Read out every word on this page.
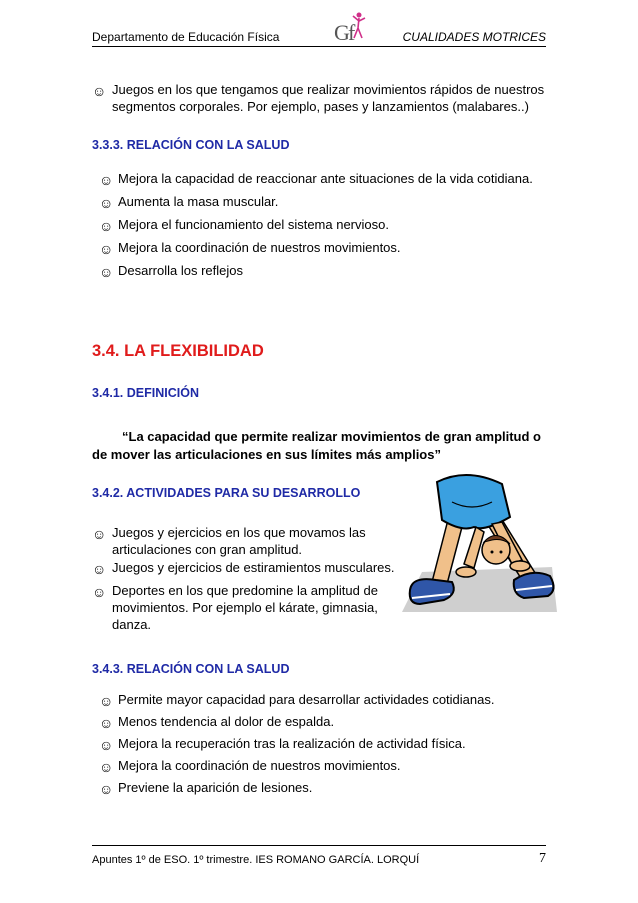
Departamento de Educación Física G
f	CUALIDADES MOTRICES
☺ Juegos en los que tengamos que realizar movimientos rápidos de nuestros
segmentos corporales. Por ejemplo, pases y lanzamientos (malabares..)
3.3.3. RELACIÓN CON LA SALUD
☺ Mejora la capacidad de reaccionar ante situaciones de la vida cotidiana.
☺ Aumenta la masa muscular.
☺ Mejora el funcionamiento del sistema nervioso.
☺ Mejora la coordinación de nuestros movimientos.
☺ Desarrolla los reflejos
3.4. LA FLEXIBILIDAD
3.4.1. DEFINICIÓN
“La capacidad que permite realizar movimientos de gran amplitud o
de mover las articulaciones en sus límites más amplios”
3.4.2. ACTIVIDADES PARA SU DESARROLLO
☺ Juegos y ejercicios en los que movamos las
articulaciones con gran amplitud.
☺ Juegos y ejercicios de estiramientos musculares.
☺ Deportes en los que predomine la amplitud de
movimientos. Por ejemplo el kárate, gimnasia,
danza.
3.4.3. RELACIÓN CON LA SALUD
☺ Permite mayor capacidad para desarrollar actividades cotidianas.
☺ Menos tendencia al dolor de espalda.
☺ Mejora la recuperación tras la realización de actividad física.
☺ Mejora la coordinación de nuestros movimientos.
☺ Previene la aparición de lesiones.
Apuntes 1º de ESO. 1º trimestre. IES ROMANO GARCÍA. LORQUÍ	7
